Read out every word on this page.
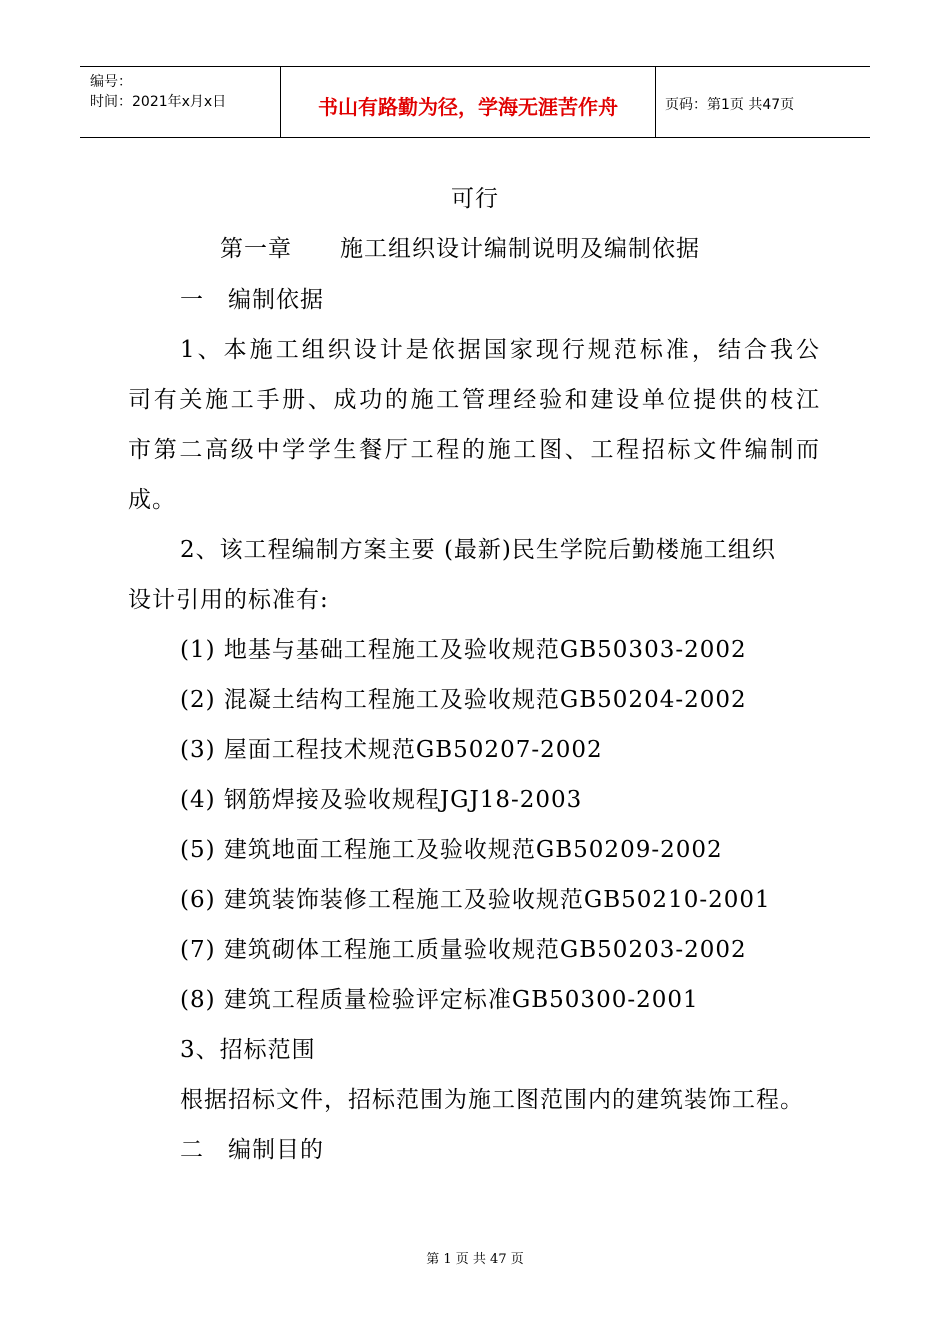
编号：
时间：2021年x月x日	书山有路勤为径，学海无涯苦作舟	页码：第1页 共47页
可行
第一章　　施工组织设计编制说明及编制依据
一　编制依据
1、本施工组织设计是依据国家现行规范标准，结合我公
司有关施工手册、成功的施工管理经验和建设单位提供的枝江
市第二高级中学学生餐厅工程的施工图、工程招标文件编制而
成。
2、该工程编制方案主要 (最新)民生学院后勤楼施工组织
设计引用的标准有:
(1) 地基与基础工程施工及验收规范GB50303-2002
(2) 混凝土结构工程施工及验收规范GB50204-2002
(3) 屋面工程技术规范GB50207-2002
(4) 钢筋焊接及验收规程JGJ18-2003
(5) 建筑地面工程施工及验收规范GB50209-2002
(6) 建筑装饰装修工程施工及验收规范GB50210-2001
(7) 建筑砌体工程施工质量验收规范GB50203-2002
(8) 建筑工程质量检验评定标准GB50300-2001
3、招标范围
根据招标文件，招标范围为施工图范围内的建筑装饰工程。
二　编制目的
第 1 页 共 47 页
